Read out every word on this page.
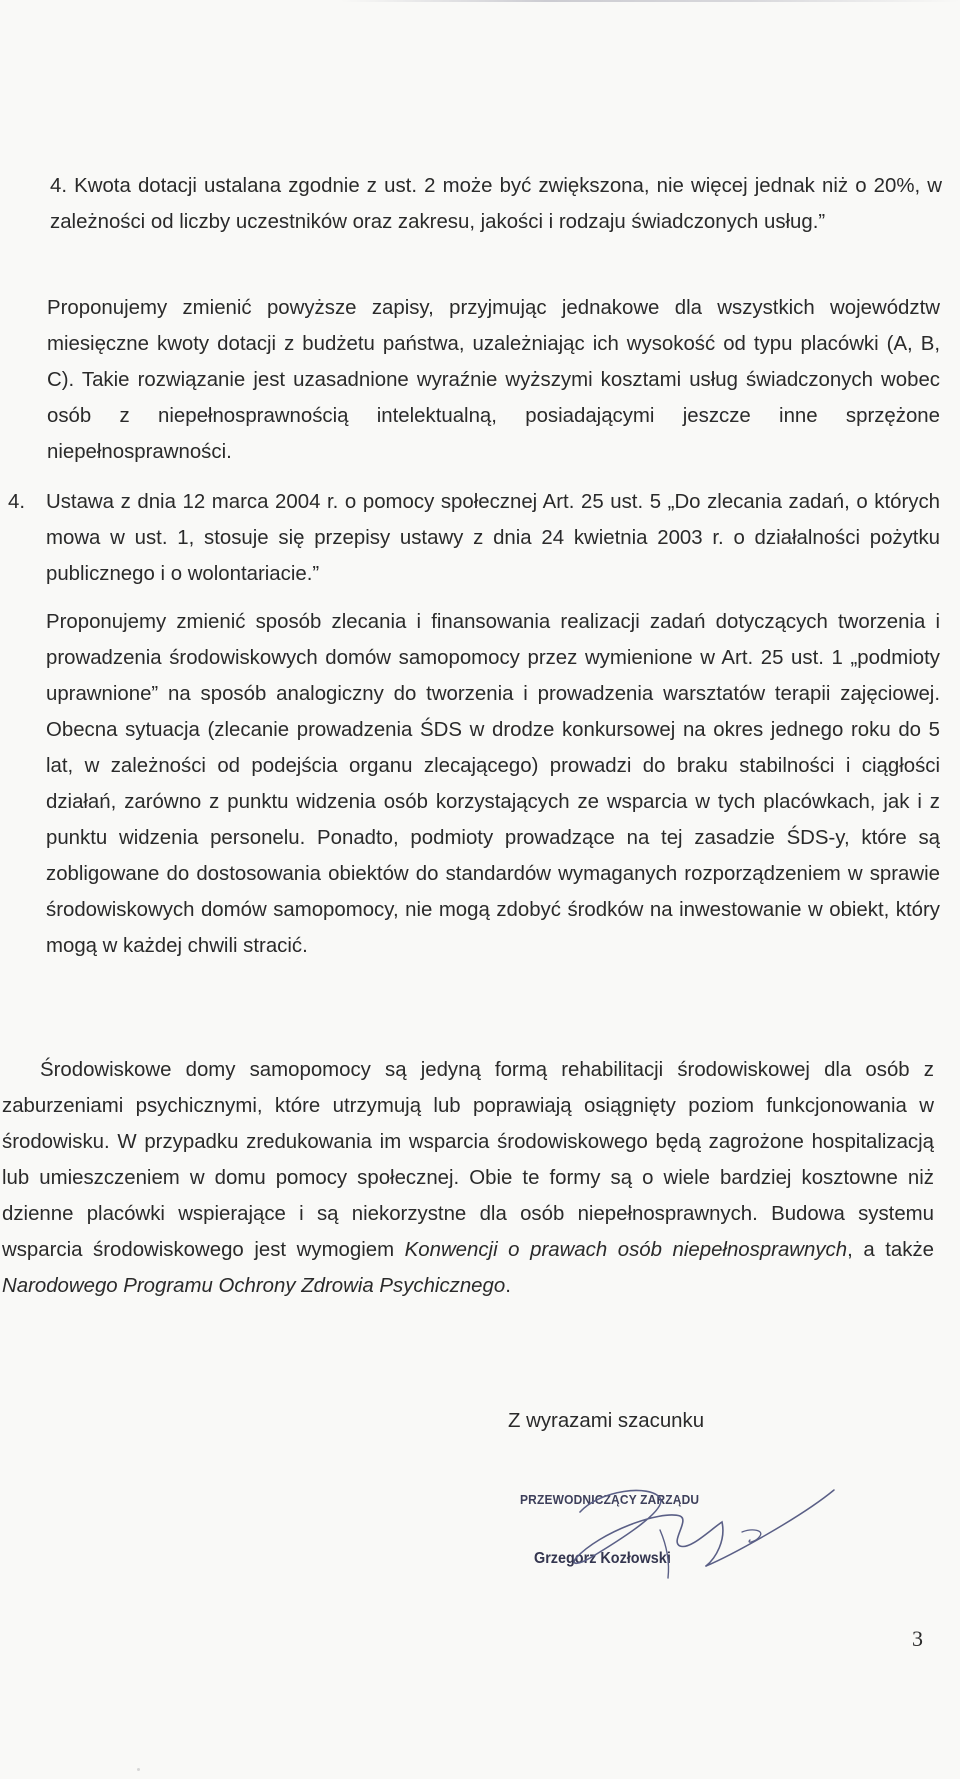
4. Kwota dotacji ustalana zgodnie z ust. 2 może być zwiększona, nie więcej jednak niż o 20%, w zależności od liczby uczestników oraz zakresu, jakości i rodzaju świadczonych usług.”

Proponujemy zmienić powyższe zapisy, przyjmując jednakowe dla wszystkich województw miesięczne kwoty dotacji z budżetu państwa, uzależniając ich wysokość od typu placówki (A, B, C). Takie rozwiązanie jest uzasadnione wyraźnie wyższymi kosztami usług świadczonych wobec osób z niepełnosprawnością intelektualną, posiadającymi jeszcze inne sprzężone niepełnosprawności.

4.	Ustawa z dnia 12 marca 2004 r. o pomocy społecznej Art. 25 ust. 5 „Do zlecania zadań, o których mowa w ust. 1, stosuje się przepisy ustawy z dnia 24 kwietnia 2003 r. o działalności pożytku publicznego i o wolontariacie.”

Proponujemy zmienić sposób zlecania i finansowania realizacji zadań dotyczących tworzenia i prowadzenia środowiskowych domów samopomocy przez wymienione w Art. 25 ust. 1 „podmioty uprawnione” na sposób analogiczny do tworzenia i prowadzenia warsztatów terapii zajęciowej. Obecna sytuacja (zlecanie prowadzenia ŚDS w drodze konkursowej na okres jednego roku do 5 lat, w zależności od podejścia organu zlecającego) prowadzi do braku stabilności i ciągłości działań, zarówno z punktu widzenia osób korzystających ze wsparcia w tych placówkach, jak i z punktu widzenia personelu. Ponadto, podmioty prowadzące na tej zasadzie ŚDS-y, które są zobligowane do dostosowania obiektów do standardów wymaganych rozporządzeniem w sprawie środowiskowych domów samopomocy, nie mogą zdobyć środków na inwestowanie w obiekt, który mogą w każdej chwili stracić.

Środowiskowe domy samopomocy są jedyną formą rehabilitacji środowiskowej dla osób z zaburzeniami psychicznymi, które utrzymują lub poprawiają osiągnięty poziom funkcjonowania w środowisku. W przypadku zredukowania im wsparcia środowiskowego będą zagrożone hospitalizacją lub umieszczeniem w domu pomocy społecznej. Obie te formy są o wiele bardziej kosztowne niż dzienne placówki wspierające i są niekorzystne dla osób niepełnosprawnych. Budowa systemu wsparcia środowiskowego jest wymogiem Konwencji o prawach osób niepełnosprawnych, a także Narodowego Programu Ochrony Zdrowia Psychicznego.

Z wyrazami szacunku

PRZEWODNICZĄCY ZARZĄDU
Grzegorz Kozłowski

3
